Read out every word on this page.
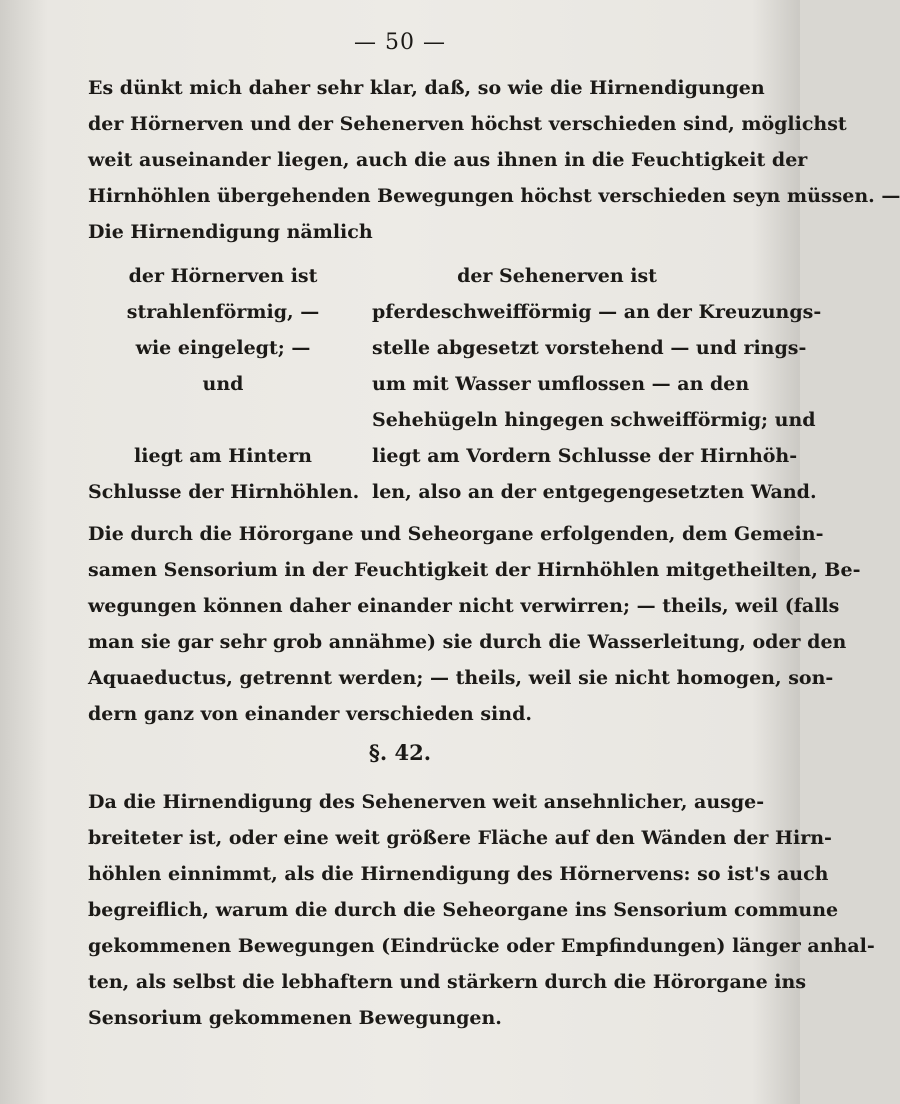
— 50 —
Es dünkt mich daher sehr klar, daß, so wie die Hirnendigungen
der Hörnerven und der Sehenerven höchst verschieden sind, möglichst
weit auseinander liegen, auch die aus ihnen in die Feuchtigkeit der
Hirnhöhlen übergehenden Bewegungen höchst verschieden seyn müssen. —
Die Hirnendigung nämlich
der Hörnerven ist
strahlenförmig, —
wie eingelegt; —
und
liegt am Hintern
Schlusse der Hirnhöhlen.
der Sehenerven ist
pferdeschweifförmig — an der Kreuzungs-
stelle abgesetzt vorstehend — und rings-
um mit Wasser umflossen — an den
Sehehügeln hingegen schweifförmig; und
liegt am Vordern Schlusse der Hirnhöh-
len, also an der entgegengesetzten Wand.
Die durch die Hörorgane und Seheorgane erfolgenden, dem Gemein-
samen Sensorium in der Feuchtigkeit der Hirnhöhlen mitgetheilten, Be-
wegungen können daher einander nicht verwirren; — theils, weil (falls
man sie gar sehr grob annähme) sie durch die Wasserleitung, oder den
Aquaeductus, getrennt werden; — theils, weil sie nicht homogen, son-
dern ganz von einander verschieden sind.
§. 42.
Da die Hirnendigung des Sehenerven weit ansehnlicher, ausge-
breiteter ist, oder eine weit größere Fläche auf den Wänden der Hirn-
höhlen einnimmt, als die Hirnendigung des Hörnervens: so ist's auch
begreiflich, warum die durch die Seheorgane ins Sensorium commune
gekommenen Bewegungen (Eindrücke oder Empfindungen) länger anhal-
ten, als selbst die lebhaftern und stärkern durch die Hörorgane ins
Sensorium gekommenen Bewegungen.
